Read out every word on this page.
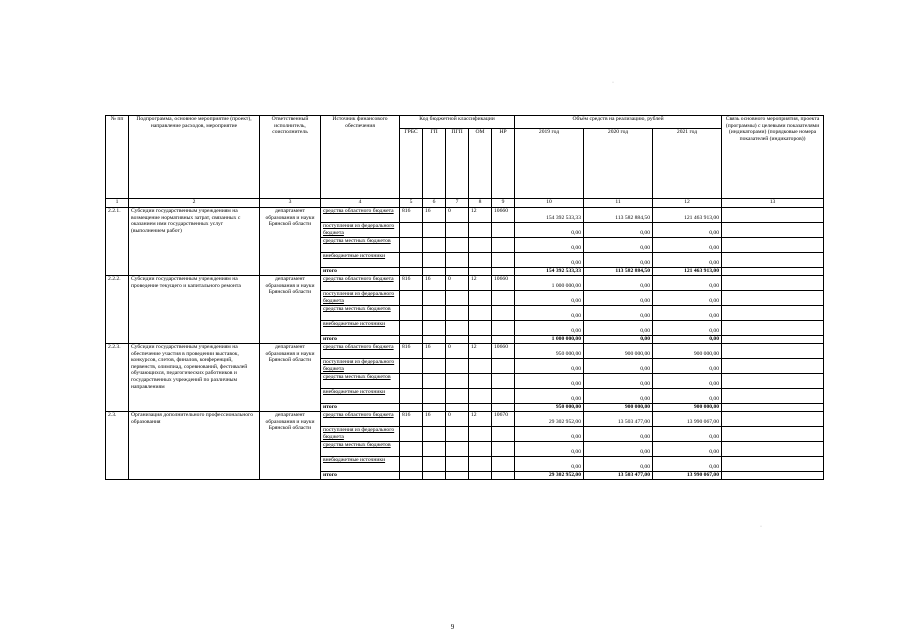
№ пп	Подпрограмма, основное мероприятие (проект), направление расходов, мероприятие	Ответственный исполнитель, соисполнитель	Источник финансового обеспечения	Код бюджетной классификации					Объём средств на реализацию, рублей			Связь основного мероприятия, проекта (программы) с целевыми показателями (индикаторами) (порядковые номера показателей (индикаторов))
				ГРБС	ГП	ПГП	ОМ	НР	2019 год	2020 год	2021 год	
1	2	3	4	5	6	7	8	9	10	11	12	13
2.2.1.	Субсидии государственным учреждениям на возмещение нормативных затрат, связанных с оказанием ими государственных услуг (выполнением работ)	департамент образования и науки Брянской области	средства областного бюджета	816	16	0	12	10660	154 392 533,33	113 582 884,50	121 463 913,00	
			поступления из федерального бюджета						0,00	0,00	0,00	
			средства местных бюджетов						0,00	0,00	0,00	
			внебюджетные источники						0,00	0,00	0,00	
			итого						154 392 533,33	113 582 884,50	121 463 913,00	
2.2.2.	Субсидии государственным учреждениям на проведение текущего и капитального ремонта	департамент образования и науки Брянской области	средства областного бюджета	816	16	0	12	10660	1 000 000,00	0,00	0,00	
			поступления из федерального бюджета						0,00	0,00	0,00	
			средства местных бюджетов						0,00	0,00	0,00	
			внебюджетные источники						0,00	0,00	0,00	
			итого						1 000 000,00	0,00	0,00	
2.2.3.	Субсидии государственным учреждениям на обеспечение участия в проведении выставок, конкурсов, слетов, финалов, конференций, первенств, олимпиад, соревнований, фестивалей обучающихся, педагогических работников и государственных учреждений по различным направлениям	департамент образования и науки Брянской области	средства областного бюджета	816	16	0	12	10660	950 000,00	900 000,00	900 000,00	
			поступления из федерального бюджета						0,00	0,00	0,00	
			средства местных бюджетов						0,00	0,00	0,00	
			внебюджетные источники						0,00	0,00	0,00	
			итого						950 000,00	900 000,00	900 000,00	
2.3.	Организация дополнительного профессионального образования	департамент образования и науки Брянской области	средства областного бюджета	816	16	0	12	10670	29 302 952,00	13 503 477,00	13 990 067,00	
			поступления из федерального бюджета						0,00	0,00	0,00	
			средства местных бюджетов						0,00	0,00	0,00	
			внебюджетные источники						0,00	0,00	0,00	
			итого						29 302 952,00	13 503 477,00	13 990 067,00	
9
·
·
